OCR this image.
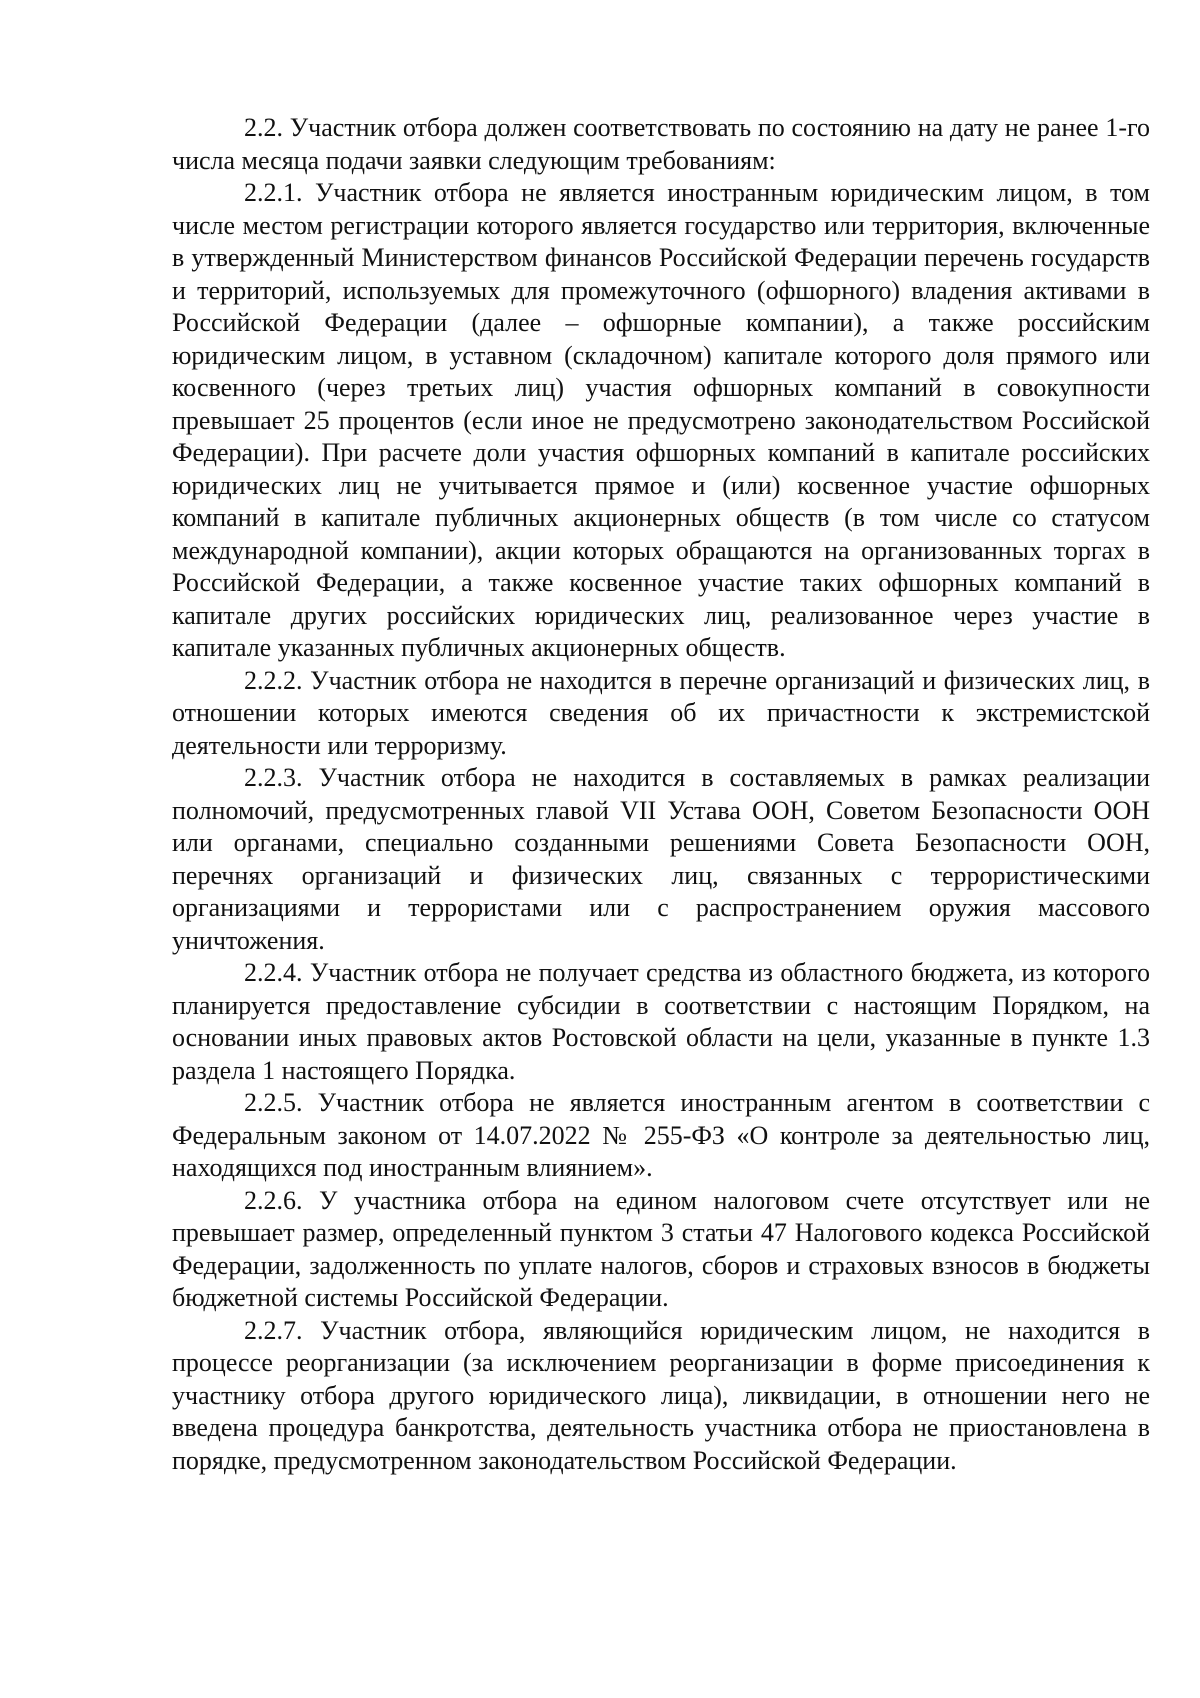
2.2. Участник отбора должен соответствовать по состоянию на дату не ранее 1-го числа месяца подачи заявки следующим требованиям:

2.2.1. Участник отбора не является иностранным юридическим лицом, в том числе местом регистрации которого является государство или территория, включенные в утвержденный Министерством финансов Российской Федерации перечень государств и территорий, используемых для промежуточного (офшорного) владения активами в Российской Федерации (далее – офшорные компании), а также российским юридическим лицом, в уставном (складочном) капитале которого доля прямого или косвенного (через третьих лиц) участия офшорных компаний в совокупности превышает 25 процентов (если иное не предусмотрено законодательством Российской Федерации). При расчете доли участия офшорных компаний в капитале российских юридических лиц не учитывается прямое и (или) косвенное участие офшорных компаний в капитале публичных акционерных обществ (в том числе со статусом международной компании), акции которых обращаются на организованных торгах в Российской Федерации, а также косвенное участие таких офшорных компаний в капитале других российских юридических лиц, реализованное через участие в капитале указанных публичных акционерных обществ.

2.2.2. Участник отбора не находится в перечне организаций и физических лиц, в отношении которых имеются сведения об их причастности к экстремистской деятельности или терроризму.

2.2.3. Участник отбора не находится в составляемых в рамках реализации полномочий, предусмотренных главой VII Устава ООН, Советом Безопасности ООН или органами, специально созданными решениями Совета Безопасности ООН, перечнях организаций и физических лиц, связанных с террористическими организациями и террористами или с распространением оружия массового уничтожения.

2.2.4. Участник отбора не получает средства из областного бюджета, из которого планируется предоставление субсидии в соответствии с настоящим Порядком, на основании иных правовых актов Ростовской области на цели, указанные в пункте 1.3 раздела 1 настоящего Порядка.

2.2.5. Участник отбора не является иностранным агентом в соответствии с Федеральным законом от 14.07.2022 № 255-ФЗ «О контроле за деятельностью лиц, находящихся под иностранным влиянием».

2.2.6. У участника отбора на едином налоговом счете отсутствует или не превышает размер, определенный пунктом 3 статьи 47 Налогового кодекса Российской Федерации, задолженность по уплате налогов, сборов и страховых взносов в бюджеты бюджетной системы Российской Федерации.

2.2.7. Участник отбора, являющийся юридическим лицом, не находится в процессе реорганизации (за исключением реорганизации в форме присоединения к участнику отбора другого юридического лица), ликвидации, в отношении него не введена процедура банкротства, деятельность участника отбора не приостановлена в порядке, предусмотренном законодательством Российской Федерации.
